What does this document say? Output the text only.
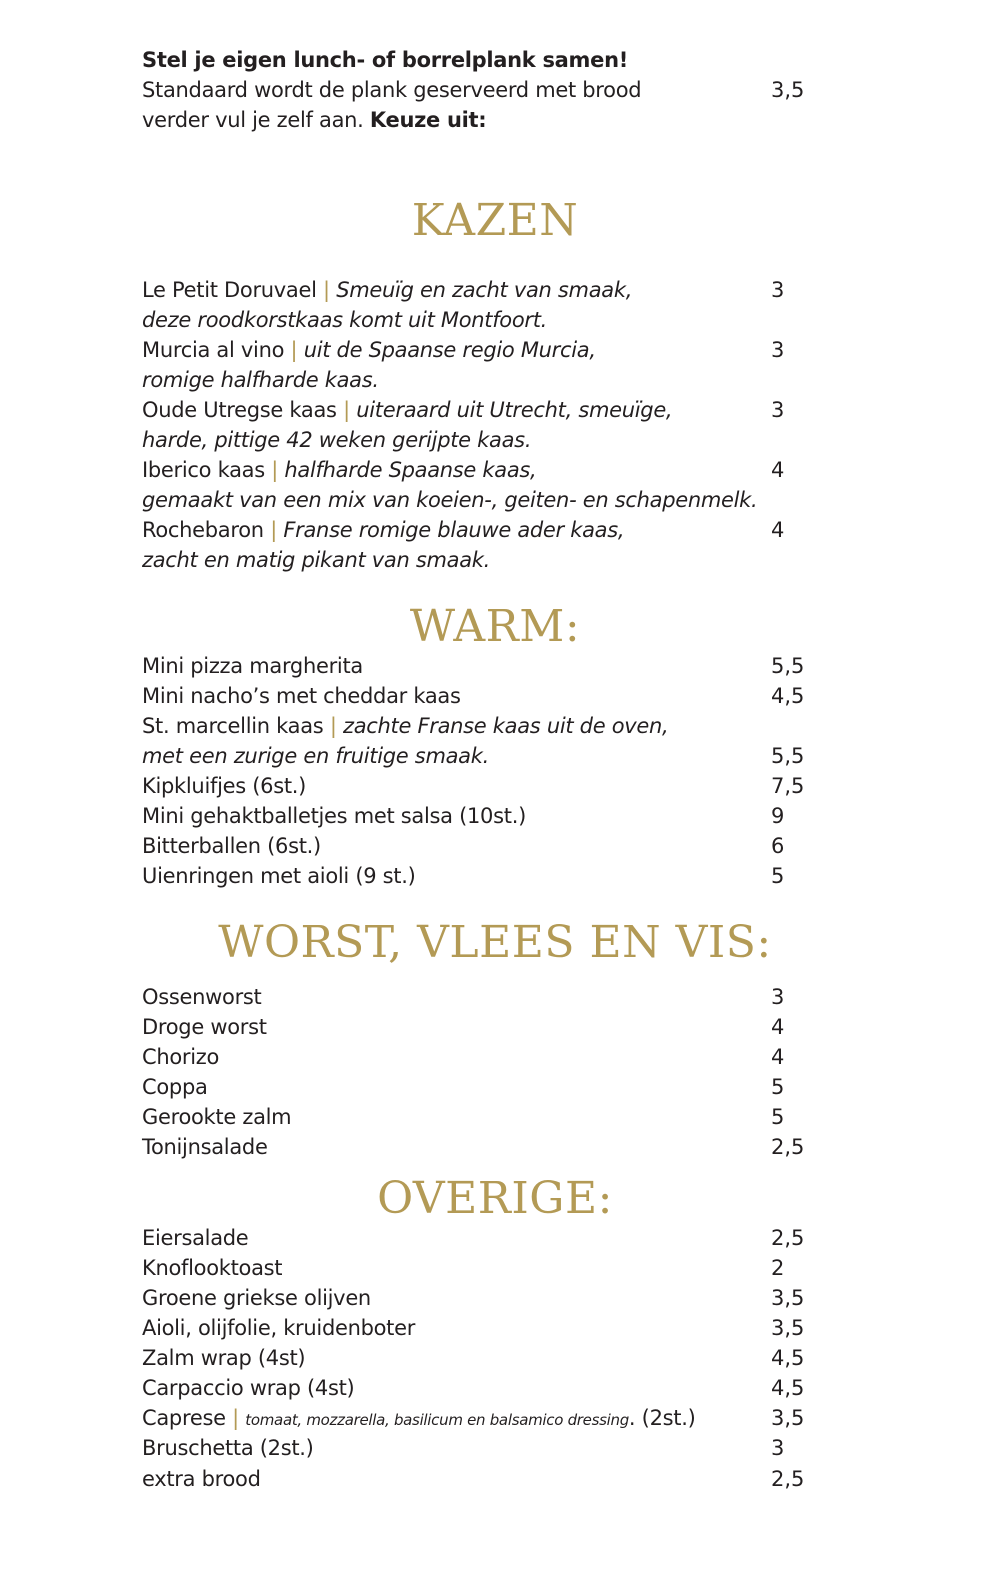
Stel je eigen lunch- of borrelplank samen!
Standaard wordt de plank geserveerd met brood	3,5
verder vul je zelf aan. Keuze uit:
KAZEN
Le Petit Doruvael | Smeuïg en zacht van smaak,	3
deze roodkorstkaas komt uit Montfoort.
Murcia al vino | uit de Spaanse regio Murcia,	3
romige halfharde kaas.
Oude Utregse kaas | uiteraard uit Utrecht, smeuïge,	3
harde, pittige 42 weken gerijpte kaas.
Iberico kaas | halfharde Spaanse kaas,	4
gemaakt van een mix van koeien-, geiten- en schapenmelk.
Rochebaron | Franse romige blauwe ader kaas,	4
zacht en matig pikant van smaak.
WARM:
Mini pizza margherita	5,5
Mini nacho’s met cheddar kaas	4,5
St. marcellin kaas | zachte Franse kaas uit de oven,
met een zurige en fruitige smaak.	5,5
Kipkluifjes (6st.)	7,5
Mini gehaktballetjes met salsa (10st.)	9
Bitterballen (6st.)	6
Uienringen met aioli (9 st.)	5
WORST, VLEES EN VIS:
Ossenworst	3
Droge worst	4
Chorizo	4
Coppa	5
Gerookte zalm	5
Tonijnsalade	2,5
OVERIGE:
Eiersalade	2,5
Knoflooktoast	2
Groene griekse olijven	3,5
Aioli, olijfolie, kruidenboter	3,5
Zalm wrap (4st)	4,5
Carpaccio wrap (4st)	4,5
Caprese | tomaat, mozzarella, basilicum en balsamico dressing. (2st.)	3,5
Bruschetta (2st.)	3
extra brood	2,5
